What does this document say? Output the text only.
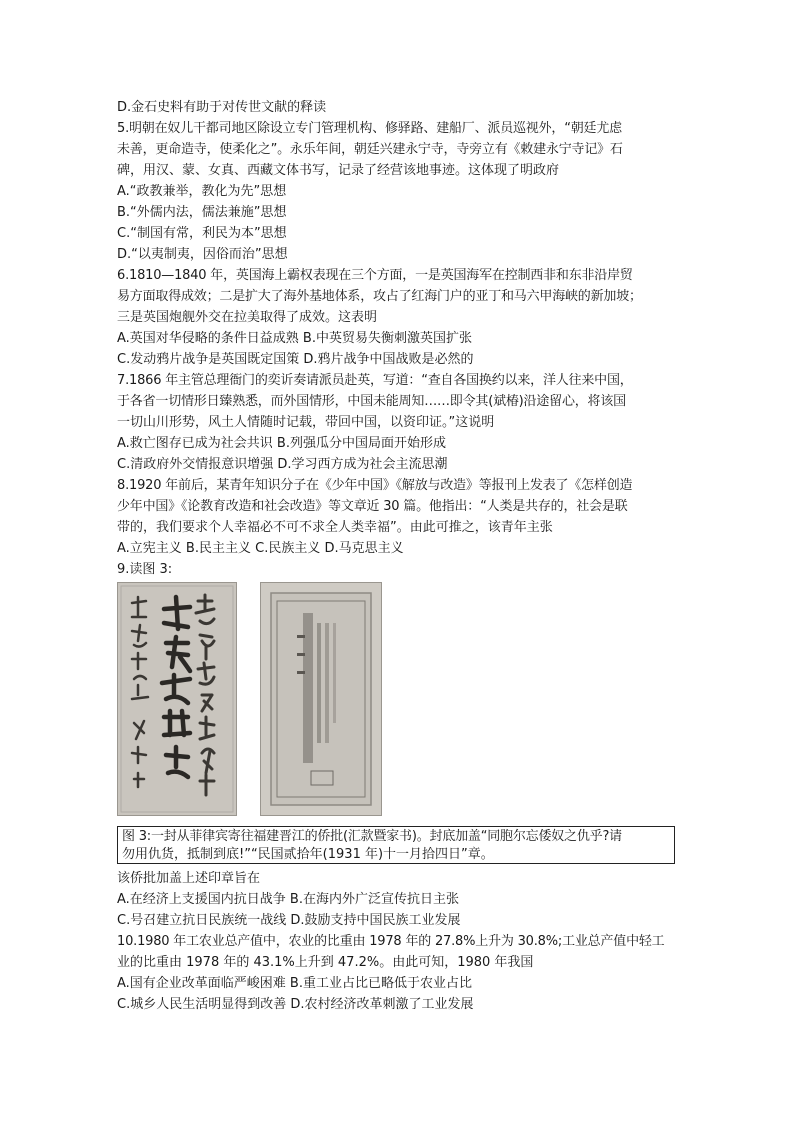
D.金石史料有助于对传世文献的释读
5.明朝在奴儿干都司地区除设立专门管理机构、修驿路、建船厂、派员巡视外，“朝廷尤虑
未善，更命造寺，使柔化之”。永乐年间，朝廷兴建永宁寺，寺旁立有《敕建永宁寺记》石
碑，用汉、蒙、女真、西藏文体书写，记录了经营该地事迹。这体现了明政府
A.“政教兼举，教化为先”思想
B.“外儒内法，儒法兼施”思想
C.“制国有常，利民为本”思想
D.“以夷制夷，因俗而治”思想
6.1810—1840 年，英国海上霸权表现在三个方面，一是英国海军在控制西非和东非沿岸贸
易方面取得成效；二是扩大了海外基地体系，攻占了红海门户的亚丁和马六甲海峡的新加坡；
三是英国炮舰外交在拉美取得了成效。这表明
A.英国对华侵略的条件日益成熟 B.中英贸易失衡刺激英国扩张
C.发动鸦片战争是英国既定国策 D.鸦片战争中国战败是必然的
7.1866 年主管总理衙门的奕䜣奏请派员赴英，写道：“查自各国换约以来，洋人往来中国，
于各省一切情形日臻熟悉，而外国情形，中国未能周知……即令其(斌椿)沿途留心，将该国
一切山川形势，风土人情随时记载，带回中国，以资印证。”这说明
A.救亡图存已成为社会共识 B.列强瓜分中国局面开始形成
C.清政府外交情报意识增强 D.学习西方成为社会主流思潮
8.1920 年前后，某青年知识分子在《少年中国》《解放与改造》等报刊上发表了《怎样创造
少年中国》《论教育改造和社会改造》等文章近 30 篇。他指出：“人类是共存的，社会是联
带的，我们要求个人幸福必不可不求全人类幸福”。由此可推之，该青年主张
A.立宪主义 B.民主主义 C.民族主义 D.马克思主义
9.读图 3:
图 3:一封从菲律宾寄往福建晋江的侨批(汇款暨家书)。封底加盖“同胞尔忘倭奴之仇乎?请
勿用仇货，抵制到底!”“民国贰拾年(1931 年)十一月拾四日”章。
该侨批加盖上述印章旨在
A.在经济上支援国内抗日战争 B.在海内外广泛宣传抗日主张
C.号召建立抗日民族统一战线 D.鼓励支持中国民族工业发展
10.1980 年工农业总产值中，农业的比重由 1978 年的 27.8%上升为 30.8%;工业总产值中轻工
业的比重由 1978 年的 43.1%上升到 47.2%。由此可知，1980 年我国
A.国有企业改革面临严峻困难 B.重工业占比已略低于农业占比
C.城乡人民生活明显得到改善 D.农村经济改革刺激了工业发展
